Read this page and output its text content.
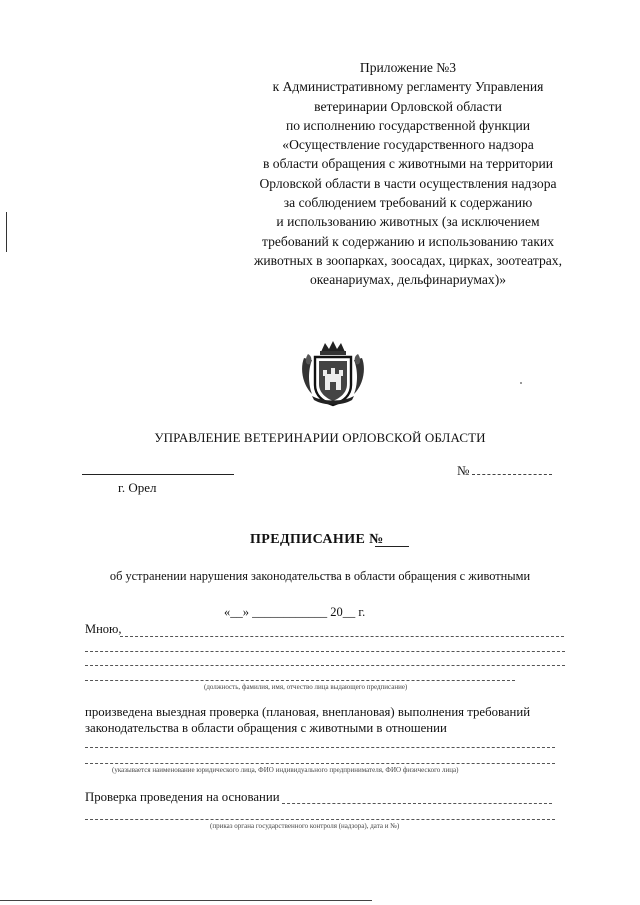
Приложение №3
к Административному регламенту Управления
ветеринарии Орловской области
по исполнению государственной функции
«Осуществление государственного надзора
в области обращения с животными на территории
Орловской области в части осуществления надзора
за соблюдением требований к содержанию
и использованию животных (за исключением
требований к содержанию и использованию таких
животных в зоопарках, зоосадах, цирках, зоотеатрах,
океанариумах, дельфинариумах)»
УПРАВЛЕНИЕ ВЕТЕРИНАРИИ ОРЛОВСКОЙ ОБЛАСТИ
№
г. Орел
ПРЕДПИСАНИЕ №
об устранении нарушения законодательства в области обращения с животными
«__» ____________ 20__ г.
Мною,
(должность, фамилия, имя, отчество лица выдающего предписание)
произведена выездная проверка (плановая, внеплановая) выполнения требований законодательства в области обращения с животными в отношении
(указывается наименование юридического лица, ФИО индивидуального предпринимателя, ФИО физического лица)
Проверка проведения на основании
(приказ органа государственного контроля (надзора), дата и №)
